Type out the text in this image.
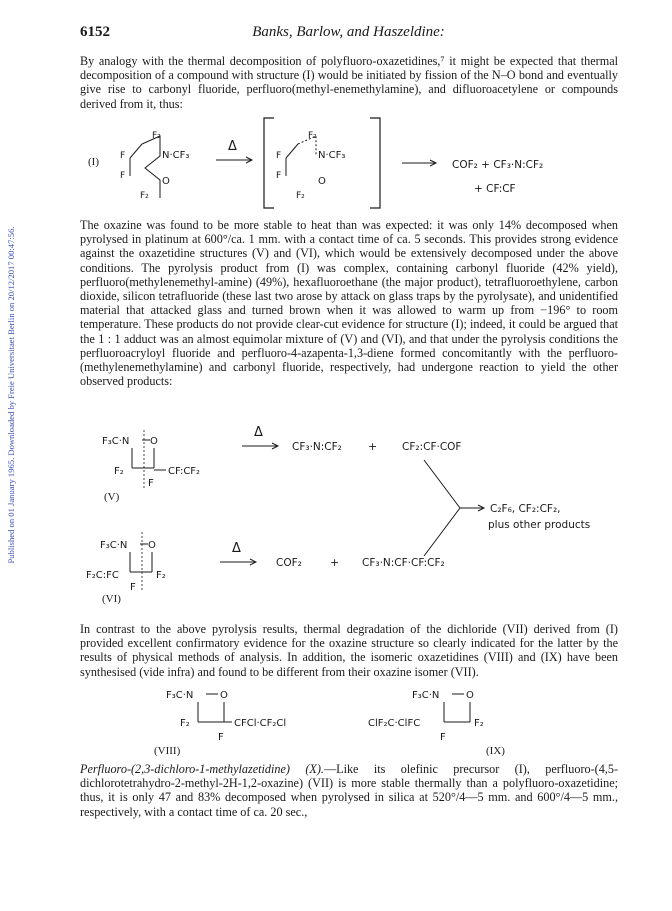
Published on 01 January 1965. Downloaded by Freie Universitaet Berlin on 20/12/2017 00:47:56.
6152	Banks, Barlow, and Haszeldine:

By analogy with the thermal decomposition of polyfluoro-oxazetidines,⁷ it might be expected that thermal decomposition of a compound with structure (I) would be initiated by fission of the N–O bond and eventually give rise to carbonyl fluoride, perfluoro(methyl-enemethylamine), and difluoroacetylene or compounds derived from it, thus:

(I)
F₂
F
F
N·CF₃
O
F₂
Δ
F₂
F
F
N·CF₃
O
F₂
COF₂ + CF₃·N:CF₂
+ CF:CF

The oxazine was found to be more stable to heat than was expected: it was only 14% decomposed when pyrolysed in platinum at 600°/ca. 1 mm. with a contact time of ca. 5 seconds. This provides strong evidence against the oxazetidine structures (V) and (VI), which would be extensively decomposed under the above conditions. The pyrolysis product from (I) was complex, containing carbonyl fluoride (42% yield), perfluoro(methylenemethyl-amine) (49%), hexafluoroethane (the major product), tetrafluoroethylene, carbon dioxide, silicon tetrafluoride (these last two arose by attack on glass traps by the pyrolysate), and unidentified material that attacked glass and turned brown when it was allowed to warm up from −196° to room temperature. These products do not provide clear-cut evidence for structure (I); indeed, it could be argued that the 1 : 1 adduct was an almost equimolar mixture of (V) and (VI), and that under the pyrolysis conditions the perfluoroacryloyl fluoride and perfluoro-4-azapenta-1,3-diene formed concomitantly with the perfluoro-(methylenemethylamine) and carbonyl fluoride, respectively, had undergone reaction to yield the other observed products:

F₃C·N O
F₂	CF:CF₂
F
(V)
Δ
CF₃·N:CF₂ + CF₂:CF·COF
C₂F₆, CF₂:CF₂,
plus other products
F₃C·N O
F₂C:FC	F₂
F
(VI)
Δ
COF₂	+ CF₃·N:CF·CF:CF₂

In contrast to the above pyrolysis results, thermal degradation of the dichloride (VII) derived from (I) provided excellent confirmatory evidence for the oxazine structure so clearly indicated for the latter by the results of physical methods of analysis. In addition, the isomeric oxazetidines (VIII) and (IX) have been synthesised (vide infra) and found to be different from their oxazine isomer (VII).

F₃C·N	O
F₂	CFCl·CF₂Cl
F
(VIII)
F₃C·N	O
ClF₂C·ClFC	F₂
F
(IX)

Perfluoro-(2,3-dichloro-1-methylazetidine) (X).—Like its olefinic precursor (I), perfluoro-(4,5-dichlorotetrahydro-2-methyl-2H-1,2-oxazine) (VII) is more stable thermally than a polyfluoro-oxazetidine; thus, it is only 47 and 83% decomposed when pyrolysed in silica at 520°/4—5 mm. and 600°/4—5 mm., respectively, with a contact time of ca. 20 sec.,
